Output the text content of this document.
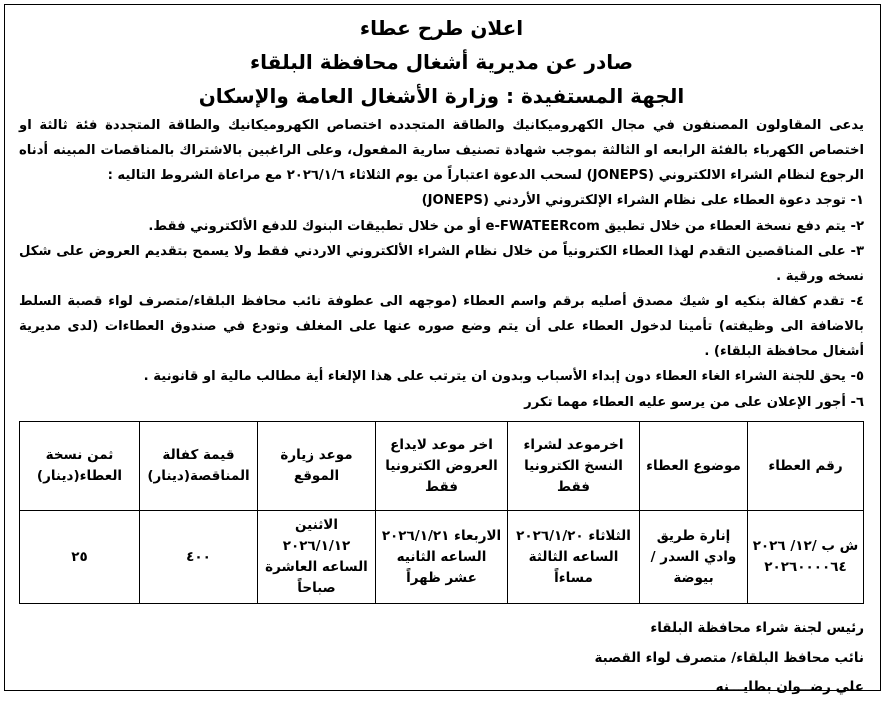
اعلان طرح عطاء
صادر عن مديرية أشغال محافظة البلقاء
الجهة المستفيدة : وزارة الأشغال العامة والإسكان

يدعى المقاولون المصنفون في مجال الكهروميكانيك والطاقة المتجدده اختصاص الكهروميكانيك والطاقة المتجددة فئة ثالثة او اختصاص الكهرباء بالفئة الرابعه او الثالثة بموجب شهادة تصنيف سارية المفعول، وعلى الراغبين بالاشتراك بالمناقصات المبينه أدناه الرجوع لنظام الشراء الالكتروني (JONEPS) لسحب الدعوة اعتباراً من يوم الثلاثاء ٢٠٢٦/١/٦ مع مراعاة الشروط التاليه :

١- توجد دعوة العطاء على نظام الشراء الإلكتروني الأردني (JONEPS)

٢- يتم دفع نسخة العطاء من خلال تطبيق e-FWATEERcom أو من خلال تطبيقات البنوك للدفع الألكتروني فقط.

٣- على المناقصين التقدم لهذا العطاء الكترونياً من خلال نظام الشراء الألكتروني الاردني فقط ولا يسمح بتقديم العروض على شكل نسخه ورقية .

٤- تقدم كفالة بنكيه او شيك مصدق أصليه برقم واسم العطاء (موجهه الى عطوفة نائب محافظ البلقاء/متصرف لواء قصبة السلط بالاضافة الى وظيفته) تأمينا لدخول العطاء على أن يتم وضع صوره عنها على المغلف وتودع في صندوق العطاءات (لدى مديرية أشغال محافظة البلقاء) .

٥- يحق للجنة الشراء الغاء العطاء دون إبداء الأسباب وبدون ان يترتب على هذا الإلغاء أية مطالب مالية او قانونية .

٦- أجور الإعلان على من يرسو عليه العطاء مهما تكرر

رقم العطاء	موضوع العطاء	اخرموعد لشراء النسخ الكترونيا فقط	اخر موعد لايداع العروض الكترونيا فقط	موعد زيارة الموقع	قيمة كفالة المناقصة(دينار)	ثمن نسخة العطاء(دينار)
ش ب /١٢/ ٢٠٢٦ ٢٠٢٦٠٠٠٠٦٤	إنارة طريق وادي السدر / بيوضة	الثلاثاء ٢٠٢٦/١/٢٠ الساعه الثالثة مساءاً	الاربعاء ٢٠٢٦/١/٢١ الساعه الثانيه عشر ظهراً	الاثنين ٢٠٢٦/١/١٢ الساعه العاشرة صباحاً	٤٠٠	٢٥

رئيس لجنة شراء محافظة البلقاء

نائب محافظ البلقاء/ متصرف لواء القصبة

علي رضــوان بطايـــنه
